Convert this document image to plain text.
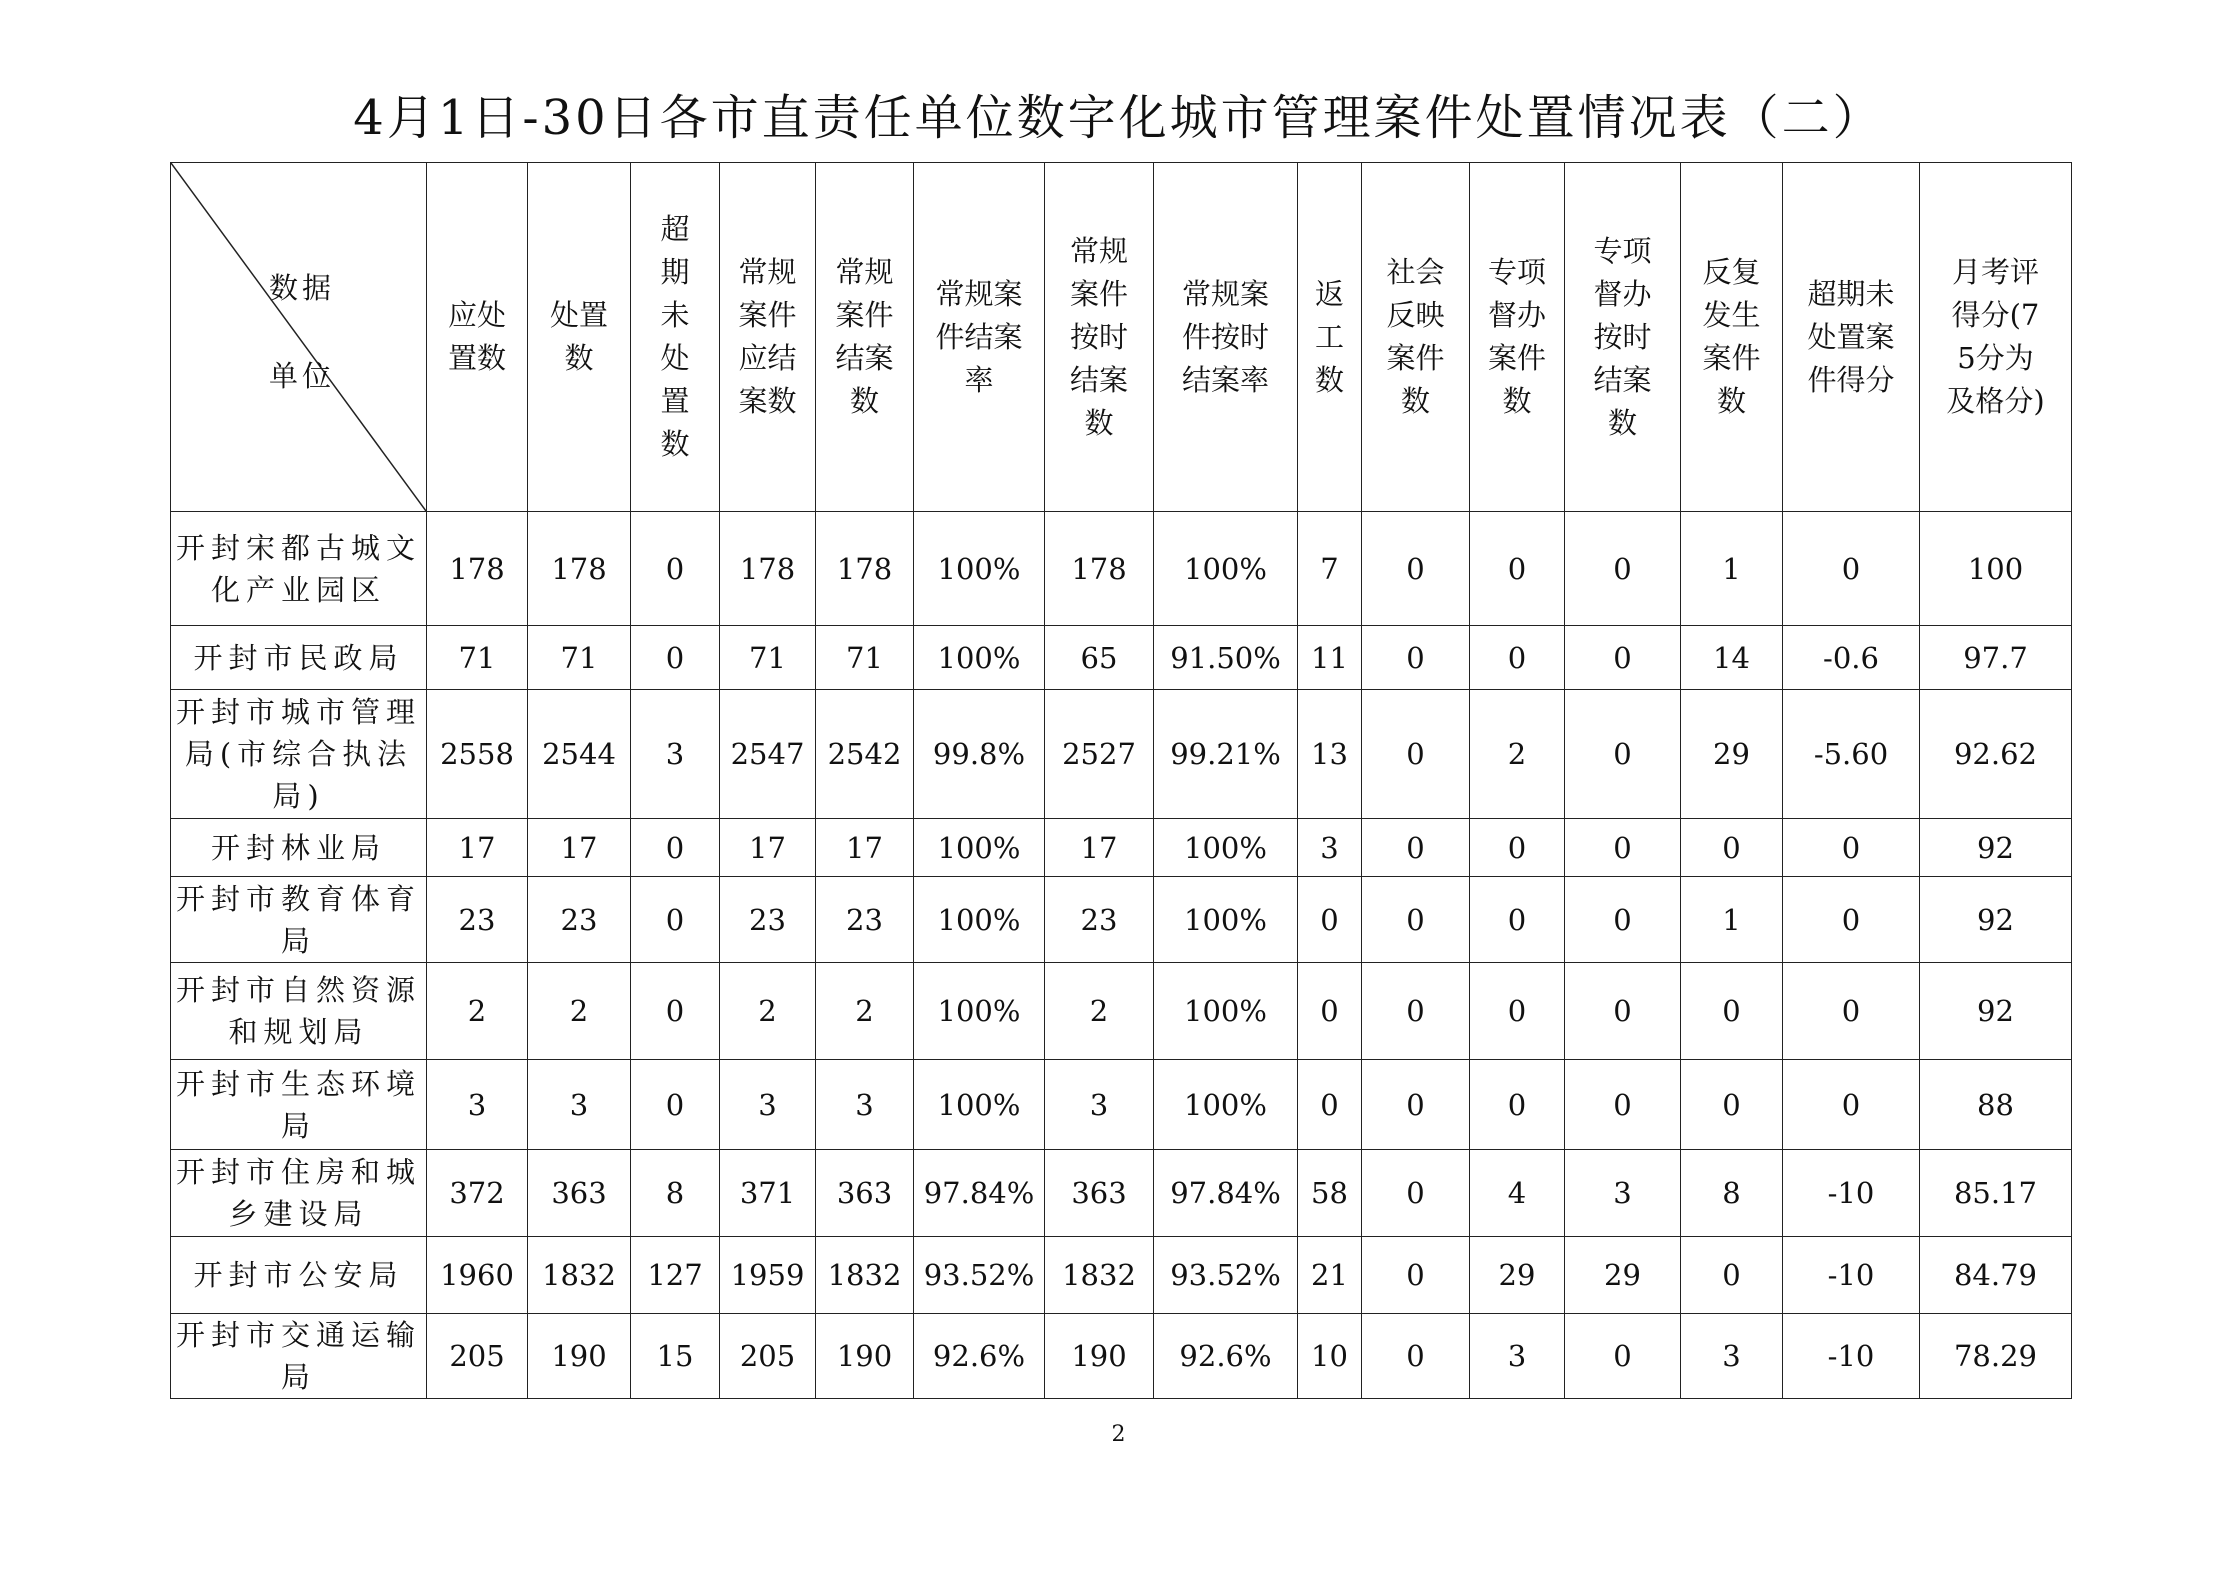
4月1日-30日各市直责任单位数字化城市管理案件处置情况表（二）
数据
单位	应处置数	处置数	超期未处置数	常规案件应结案数	常规案件结案数	常规案件结案率	常规案件按时结案数	常规案件按时结案率	返工数	社会反映案件数	专项督办案件数	专项督办按时结案数	反复发生案件数	超期未处置案件得分	月考评得分(75分为及格分)
开封宋都古城文化产业园区	178	178	0	178	178	100%	178	100%	7	0	0	0	1	0	100
开封市民政局	71	71	0	71	71	100%	65	91.50%	11	0	0	0	14	-0.6	97.7
开封市城市管理局(市综合执法局)	2558	2544	3	2547	2542	99.8%	2527	99.21%	13	0	2	0	29	-5.60	92.62
开封林业局	17	17	0	17	17	100%	17	100%	3	0	0	0	0	0	92
开封市教育体育局	23	23	0	23	23	100%	23	100%	0	0	0	0	1	0	92
开封市自然资源和规划局	2	2	0	2	2	100%	2	100%	0	0	0	0	0	0	92
开封市生态环境局	3	3	0	3	3	100%	3	100%	0	0	0	0	0	0	88
开封市住房和城乡建设局	372	363	8	371	363	97.84%	363	97.84%	58	0	4	3	8	-10	85.17
开封市公安局	1960	1832	127	1959	1832	93.52%	1832	93.52%	21	0	29	29	0	-10	84.79
开封市交通运输局	205	190	15	205	190	92.6%	190	92.6%	10	0	3	0	3	-10	78.29
2
